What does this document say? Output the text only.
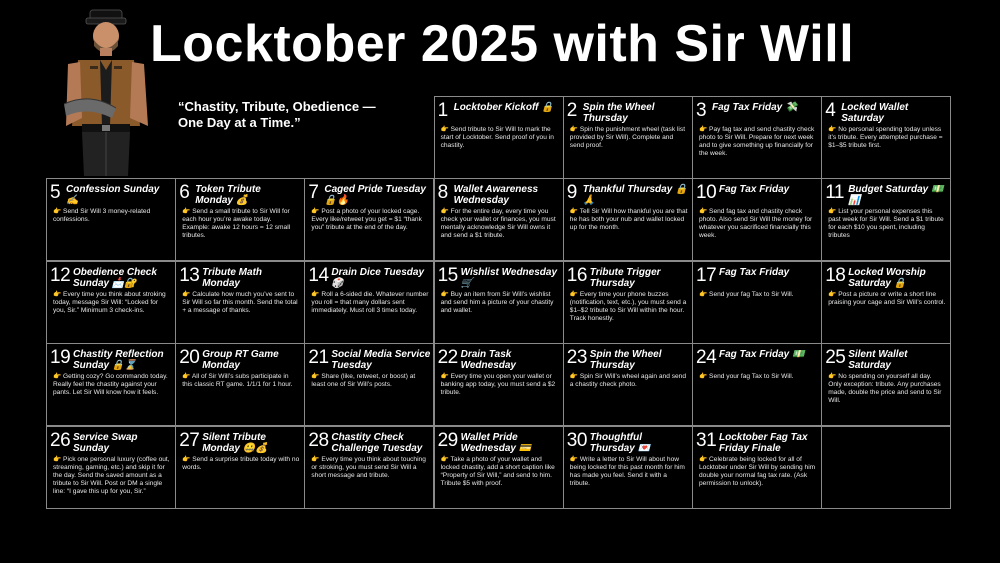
Locktober 2025 with Sir Will
“Chastity, Tribute, Obedience — One Day at a Time.”
1 Locktober Kickoff 🔒
👉 Send tribute to Sir Will to mark the start of Locktober. Send proof of you in chastity.
2 Spin the Wheel Thursday
👉 Spin the punishment wheel (task list provided by Sir Will). Complete and send proof.
3 Fag Tax Friday 💸
👉 Pay fag tax and send chastity check photo to Sir Will. Prepare for next week and to give something up financially for the week.
4 Locked Wallet Saturday
👉 No personal spending today unless it’s tribute. Every attempted purchase = $1–$5 tribute first.
5 Confession Sunday ✍️
👉 Send Sir Will 3 money-related confessions.
6 Token Tribute Monday 💰
👉 Send a small tribute to Sir Will for each hour you’re awake today. Example: awake 12 hours = 12 small tributes.
7 Caged Pride Tuesday 🔒🔥
👉 Post a photo of your locked cage. Every like/retweet you get = $1 “thank you” tribute at the end of the day.
8 Wallet Awareness Wednesday
👉 For the entire day, every time you check your wallet or finances, you must mentally acknowledge Sir Will owns it and send a $1 tribute.
9 Thankful Thursday 🔒🙏
👉 Tell Sir Will how thankful you are that he has both your nub and wallet locked up for the month.
10 Fag Tax Friday
👉 Send fag tax and chastity check photo. Also send Sir Will the money for whatever you sacrificed financially this week.
11 Budget Saturday 💵📊
👉 List your personal expenses this past week for Sir Will. Send a $1 tribute for each $10 you spent, including tributes
12 Obedience Check Sunday 📩🔐
👉 Every time you think about stroking today, message Sir Will: “Locked for you, Sir.” Minimum 3 check-ins.
13 Tribute Math Monday
👉 Calculate how much you’ve sent to Sir Will so far this month. Send the total + a message of thanks.
14 Drain Dice Tuesday 🎲
👉 Roll a 6-sided die. Whatever number you roll = that many dollars sent immediately. Must roll 3 times today.
15 Wishlist Wednesday 🛒
👉 Buy an item from Sir Will’s wishlist and send him a picture of your chastity and wallet.
16 Tribute Trigger Thursday
👉 Every time your phone buzzes (notification, text, etc.), you must send a $1–$2 tribute to Sir Will within the hour. Track honestly.
17 Fag Tax Friday
👉 Send your fag Tax to Sir Will.
18 Locked Worship Saturday 🔒
👉 Post a picture or write a short line praising your cage and Sir Will’s control.
19 Chastity Reflection Sunday 🔒⌛
👉 Getting cozy? Go commando today. Really feel the chastity against your pants. Let Sir Will know how it feels.
20 Group RT Game Monday
👉 All of Sir Will’s subs participate in this classic RT game. 1/1/1 for 1 hour.
21 Social Media Service Tuesday
👉 Share (like, retweet, or boost) at least one of Sir Will’s posts.
22 Drain Task Wednesday
👉 Every time you open your wallet or banking app today, you must send a $2 tribute.
23 Spin the Wheel Thursday
👉 Spin Sir Will’s wheel again and send a chastity check photo.
24 Fag Tax Friday 💵
👉 Send your fag Tax to Sir Will.
25 Silent Wallet Saturday
👉 No spending on yourself all day. Only exception: tribute. Any purchases made, double the price and send to Sir Will.
26 Service Swap Sunday
👉 Pick one personal luxury (coffee out, streaming, gaming, etc.) and skip it for the day. Send the saved amount as a tribute to Sir Will. Post or DM a single line: “I gave this up for you, Sir.”
27 Silent Tribute Monday 🤐💰
👉 Send a surprise tribute today with no words.
28 Chastity Check Challenge Tuesday
👉 Every time you think about touching or stroking, you must send Sir Will a short message and tribute.
29 Wallet Pride Wednesday 💳
👉 Take a photo of your wallet and locked chastity, add a short caption like “Property of Sir Will,” and send to him. Tribute $5 with proof.
30 Thoughtful Thursday 💌
👉 Write a letter to Sir Will about how being locked for this past month for him has made you feel. Send it with a tribute.
31 Locktober Fag Tax Friday Finale
👉 Celebrate being locked for all of Locktober under Sir Will by sending him double your normal fag tax rate. (Ask permission to unlock).
